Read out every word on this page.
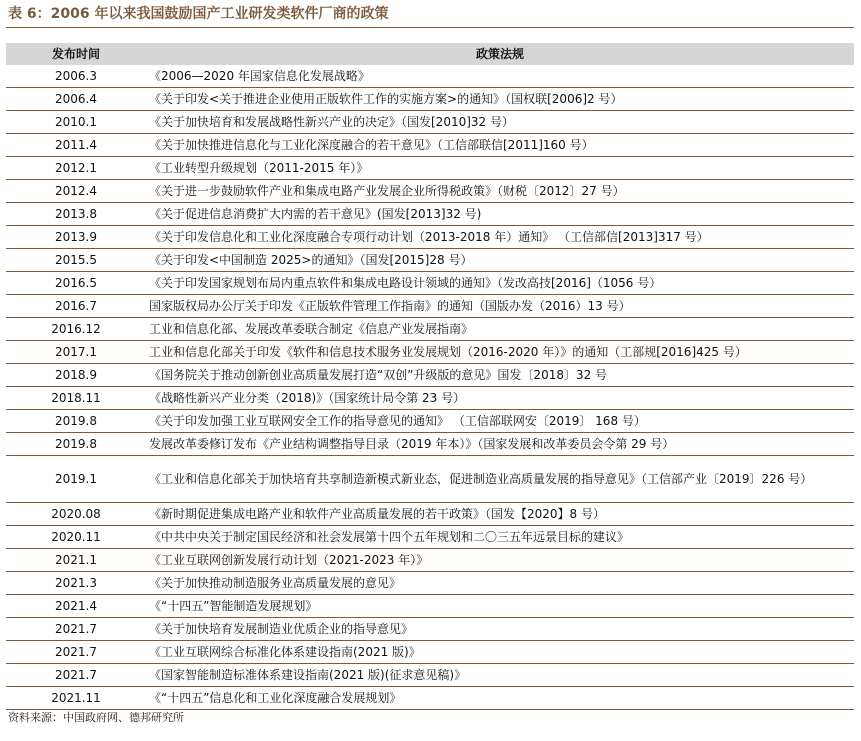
表 6：2006 年以来我国鼓励国产工业研发类软件厂商的政策
发布时间	政策法规
2006.3	《2006—2020 年国家信息化发展战略》
2006.4	《关于印发<关于推进企业使用正版软件工作的实施方案>的通知》（国权联[2006]2 号）
2010.1	《关于加快培育和发展战略性新兴产业的决定》（国发[2010]32 号）
2011.4	《关于加快推进信息化与工业化深度融合的若干意见》（工信部联信[2011]160 号）
2012.1	《工业转型升级规划（2011-2015 年）》
2012.4	《关于进一步鼓励软件产业和集成电路产业发展企业所得税政策》（财税〔2012〕27 号）
2013.8	《关于促进信息消费扩大内需的若干意见》(国发[2013]32 号)
2013.9	《关于印发信息化和工业化深度融合专项行动计划（2013-2018 年）通知》 （工信部信[2013]317 号）
2015.5	《关于印发<中国制造 2025>的通知》（国发[2015]28 号）
2016.5	《关于印发国家规划布局内重点软件和集成电路设计领域的通知》（发改高技[2016]（1056 号）
2016.7	国家版权局办公厅关于印发《正版软件管理工作指南》的通知（国版办发（2016）13 号）
2016.12	工业和信息化部、发展改革委联合制定《信息产业发展指南》
2017.1	工业和信息化部关于印发《软件和信息技术服务业发展规划（2016-2020 年）》的通知（工部规[2016]425 号）
2018.9	《国务院关于推动创新创业高质量发展打造“双创”升级版的意见》国发〔2018〕32 号
2018.11	《战略性新兴产业分类（2018)》（国家统计局令第 23 号）
2019.8	《关于印发加强工业互联网安全工作的指导意见的通知》 （工信部联网安〔2019〕 168 号）
2019.8	发展改革委修订发布《产业结构调整指导目录（2019 年本）》（国家发展和改革委员会令第 29 号）
2019.1	《工业和信息化部关于加快培育共享制造新模式新业态，促进制造业高质量发展的指导意见》（工信部产业〔2019〕226 号）
2020.08	《新时期促进集成电路产业和软件产业高质量发展的若干政策》（国发【2020】8 号）
2020.11	《中共中央关于制定国民经济和社会发展第十四个五年规划和二〇三五年远景目标的建议》
2021.1	《工业互联网创新发展行动计划（2021-2023 年）》
2021.3	《关于加快推动制造服务业高质量发展的意见》
2021.4	《“十四五”智能制造发展规划》
2021.7	《关于加快培育发展制造业优质企业的指导意见》
2021.7	《工业互联网综合标准化体系建设指南(2021 版)》
2021.7	《国家智能制造标准体系建设指南(2021 版)(征求意见稿)》
2021.11	《“十四五”信息化和工业化深度融合发展规划》
资料来源：中国政府网、德邦研究所
